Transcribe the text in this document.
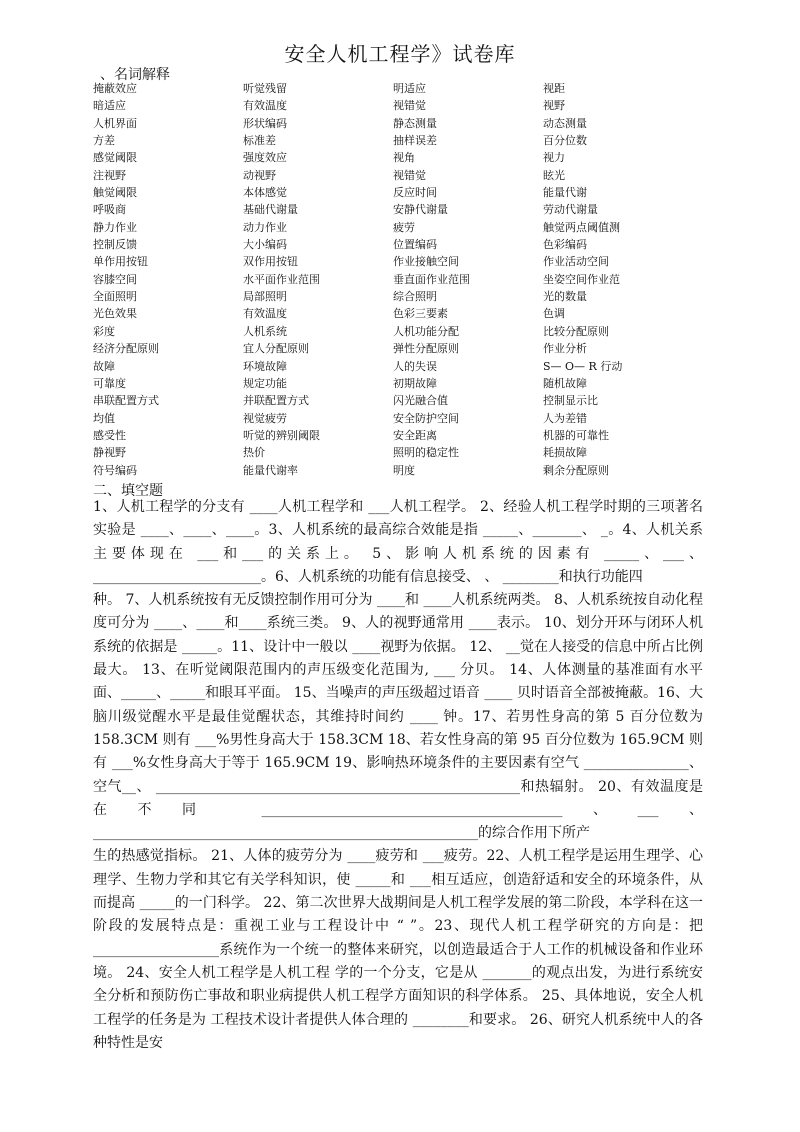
安全人机工程学》试卷库
、名词解释
掩蔽效应	听觉残留	明适应	视距
暗适应	有效温度	视错觉	视野
人机界面	形状编码	静态测量	动态测量
方差	标准差	抽样误差	百分位数
感觉阈限	强度效应	视角	视力
注视野	动视野	视错觉	眩光
触觉阈限	本体感觉	反应时间	能量代谢
呼吸商	基础代谢量	安静代谢量	劳动代谢量
静力作业	动力作业	疲劳	触觉两点阈值测
控制反馈	大小编码	位置编码	色彩编码
单作用按钮	双作用按钮	作业接触空间	作业活动空间
容膝空间	水平面作业范围	垂直面作业范围	坐姿空间作业范
全面照明	局部照明	综合照明	光的数量
光色效果	有效温度	色彩三要素	色调
彩度	人机系统	人机功能分配	比较分配原则
经济分配原则	宜人分配原则	弹性分配原则	作业分析
故障	环境故障	人的失误	S— O— R 行动
可靠度	规定功能	初期故障	随机故障
串联配置方式	并联配置方式	闪光融合值	控制显示比
均值	视觉疲劳	安全防护空间	人为差错
感受性	听觉的辨别阈限	安全距离	机器的可靠性
静视野	热价	照明的稳定性	耗损故障
符号编码	能量代谢率	明度	剩余分配原则
二、填空题

1、人机工程学的分支有 ____人机工程学和 ___人机工程学。 2、经验人机工程学时期的三项著名实验是 ____、____、____。3、人机系统的最高综合效能是指 _____、_______、 _。4、人机关系主要体现在 ___和___的关系上。 5、影响人机系统的因素有 _____、___、________________________。6、人机系统的功能有信息接受、 、 ________和执行功能四

种。 7、人机系统按有无反馈控制作用可分为 ____和 ____人机系统两类。 8、人机系统按自动化程度可分为 ____、____和____系统三类。 9、人的视野通常用 ____表示。 10、划分开环与闭环人机系统的依据是 _____。11、设计中一般以 ____视野为依据。 12、 __觉在人接受的信息中所占比例最大。 13、在听觉阈限范围内的声压级变化范围为, ___ 分贝。 14、人体测量的基准面有水平面、_____、_____和眼耳平面。 15、当噪声的声压级超过语音 ____ 贝时语音全部被掩蔽。16、大脑川级觉醒水平是最佳觉醒状态，其维持时间约 ____ 钟。17、若男性身高的第 5 百分位数为 158.3CM 则有 ___%男性身高大于 158.3CM 18、若女性身高的第 95 百分位数为 165.9CM 则有 ___%女性身高大于等于 165.9CM 19、影响热环境条件的主要因素有空气 _______________、空气__、 ____________________________________________________和热辐射。 20、有效温度是在不同 ___________________________________________、___、 _______________________________________________________的综合作用下所产

生的热感觉指标。 21、人体的疲劳分为 ____疲劳和 ___疲劳。22、人机工程学是运用生理学、心理学、生物力学和其它有关学科知识，使 _____和 ___相互适应，创造舒适和安全的环境条件，从而提高 _____的一门科学。 22、第二次世界大战期间是人机工程学发展的第二阶段，本学科在这一阶段的发展特点是：重视工业与工程设计中 “ ”。23、现代人机工程学研究的方向是：把 __________________系统作为一个统一的整体来研究，以创造最适合于人工作的机械设备和作业环境。 24、安全人机工程学是人机工程 学的一个分支，它是从 _______的观点出发，为进行系统安全分析和预防伤亡事故和职业病提供人机工程学方面知识的科学体系。 25、具体地说，安全人机工程学的任务是为 工程技术设计者提供人体合理的 ________和要求。 26、研究人机系统中人的各种特性是安
